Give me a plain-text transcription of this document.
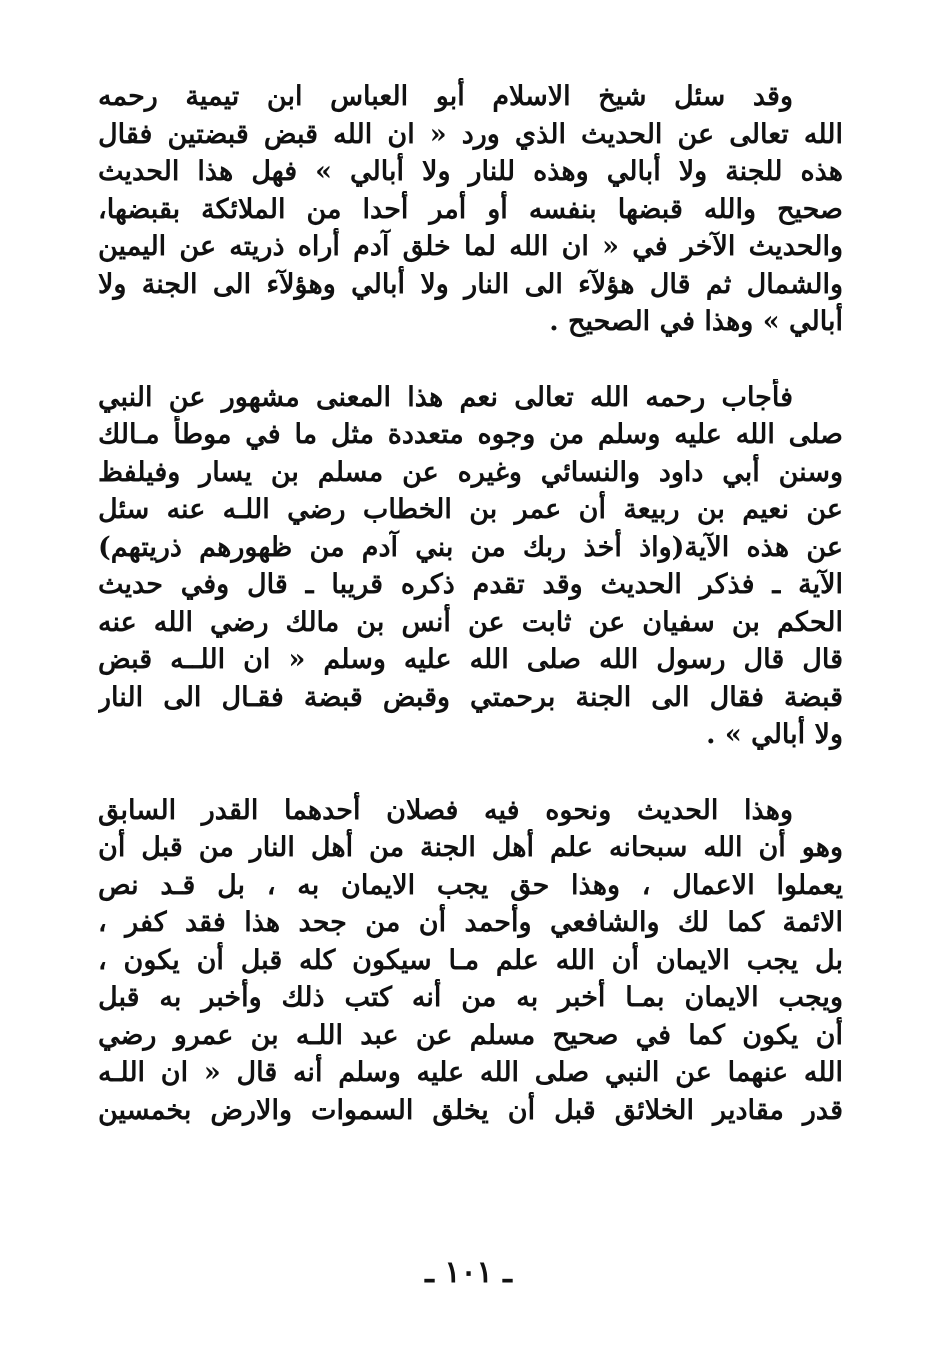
وقد سئل شيخ الاسلام أبو العباس ابن تيمية رحمه
الله تعالى عن الحديث الذي ورد « ان الله قبض قبضتين فقال
هذه للجنة ولا أبالي وهذه للنار ولا أبالي » فهل هذا الحديث
صحيح والله قبضها بنفسه أو أمر أحدا من الملائكة بقبضها،
والحديث الآخر في « ان الله لما خلق آدم أراه ذريته عن اليمين
والشمال ثم قال هؤلآء الى النار ولا أبالي وهؤلآء الى الجنة ولا
أبالي » وهذا في الصحيح .
فأجاب رحمه الله تعالى نعم هذا المعنى مشهور عن النبي
صلى الله عليه وسلم من وجوه متعددة مثل ما في موطأ مـالك
وسنن أبي داود والنسائي وغيره عن مسلم بن يسار وفيلفظ
عن نعيم بن ربيعة أن عمر بن الخطاب رضي اللـه عنه سئل
عن هذه الآية(واذ أخذ ربك من بني آدم من ظهورهم ذريتهم)
الآية ـ فذكر الحديث وقد تقدم ذكره قريبا ـ قال وفي حديث
الحكم بن سفيان عن ثابت عن أنس بن مالك رضي الله عنه
قال قال رسول الله صلى الله عليه وسلم « ان اللــه قبض
قبضة فقال الى الجنة برحمتي وقبض قبضة فقـال الى النار
ولا أبالي » .
وهذا الحديث ونحوه فيه فصلان أحدهما القدر السابق
وهو أن الله سبحانه علم أهل الجنة من أهل النار من قبل أن
يعملوا الاعمال ، وهذا حق يجب الايمان به ، بل قـد نص
الائمة كما لك والشافعي وأحمد أن من جحد هذا فقد كفر ،
بل يجب الايمان أن الله علم مـا سيكون كله قبل أن يكون ،
ويجب الايمان بمـا أخبر به من أنه كتب ذلك وأخبر به قبل
أن يكون كما في صحيح مسلم عن عبد اللـه بن عمرو رضي
الله عنهما عن النبي صلى الله عليه وسلم أنه قال « ان اللـه
قدر مقادير الخلائق قبل أن يخلق السموات والارض بخمسين
ـ ١٠١ ـ
